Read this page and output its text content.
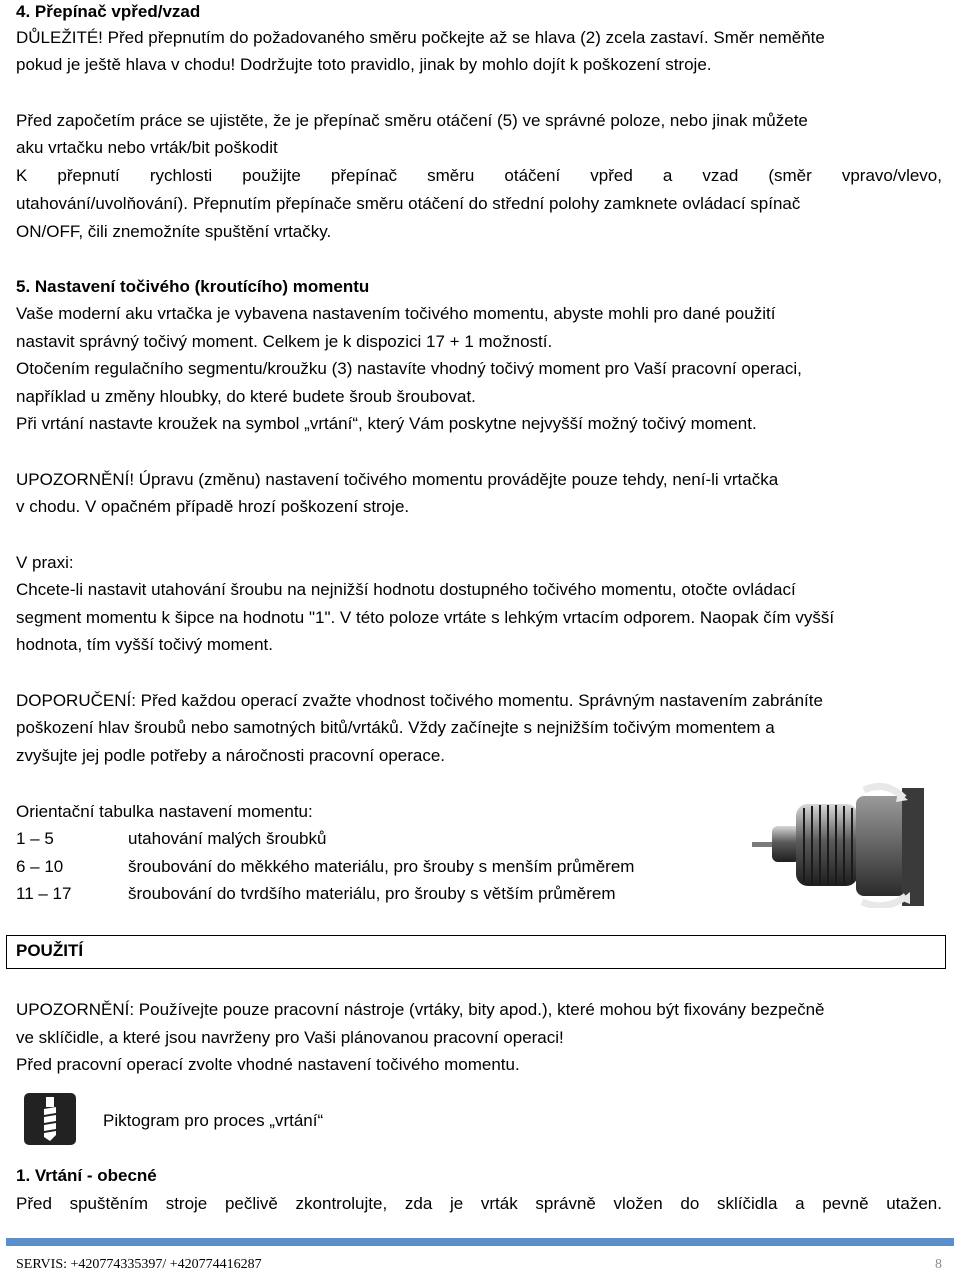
4. Přepínač vpřed/vzad
DŮLEŽITÉ! Před přepnutím do požadovaného směru počkejte až se hlava (2) zcela zastaví. Směr neměňte
pokud je ještě hlava v chodu! Dodržujte toto pravidlo, jinak by mohlo dojít k poškození stroje.
Před započetím práce se ujistěte, že je přepínač směru otáčení (5) ve správné poloze, nebo jinak můžete
aku vrtačku nebo vrták/bit poškodit
K přepnutí rychlosti použijte přepínač směru otáčení vpřed a vzad (směr vpravo/vlevo,
utahování/uvolňování). Přepnutím přepínače směru otáčení do střední polohy zamknete ovládací spínač
ON/OFF, čili znemožníte spuštění vrtačky.
5. Nastavení točivého (kroutícího) momentu
Vaše moderní aku vrtačka je vybavena nastavením točivého momentu, abyste mohli pro dané použití
nastavit správný točivý moment. Celkem je k dispozici 17 + 1 možností.
Otočením regulačního segmentu/kroužku (3) nastavíte vhodný točivý moment pro Vaší pracovní operaci,
například u změny hloubky, do které budete šroub šroubovat.
Při vrtání nastavte kroužek na symbol „vrtání“, který Vám poskytne nejvyšší možný točivý moment.
UPOZORNĚNÍ! Úpravu (změnu) nastavení točivého momentu provádějte pouze tehdy, není-li vrtačka
v chodu. V opačném případě hrozí poškození stroje.
V praxi:
Chcete-li nastavit utahování šroubu na nejnižší hodnotu dostupného točivého momentu, otočte ovládací
segment momentu k šipce na hodnotu "1". V této poloze vrtáte s lehkým vrtacím odporem. Naopak čím vyšší
hodnota, tím vyšší točivý moment.
DOPORUČENÍ: Před každou operací zvažte vhodnost točivého momentu. Správným nastavením zabráníte
poškození hlav šroubů nebo samotných bitů/vrtáků. Vždy začínejte s nejnižším točivým momentem a
zvyšujte jej podle potřeby a náročnosti pracovní operace.
Orientační tabulka nastavení momentu:
1 – 5	utahování malých šroubků
6 – 10	šroubování do měkkého materiálu, pro šrouby s menším průměrem
11 – 17	šroubování do tvrdšího materiálu, pro šrouby s větším průměrem
UPOZORNĚNÍ: Používejte pouze pracovní nástroje (vrtáky, bity apod.), které mohou být fixovány bezpečně
ve sklíčidle, a které jsou navrženy pro Vaši plánovanou pracovní operaci!
Před pracovní operací zvolte vhodné nastavení točivého momentu.
Piktogram pro proces „vrtání“
1. Vrtání - obecné
Před spuštěním stroje pečlivě zkontrolujte, zda je vrták správně vložen do sklíčidla a pevně utažen.
POUŽITÍ
SERVIS: +420774335397/ +420774416287	8
